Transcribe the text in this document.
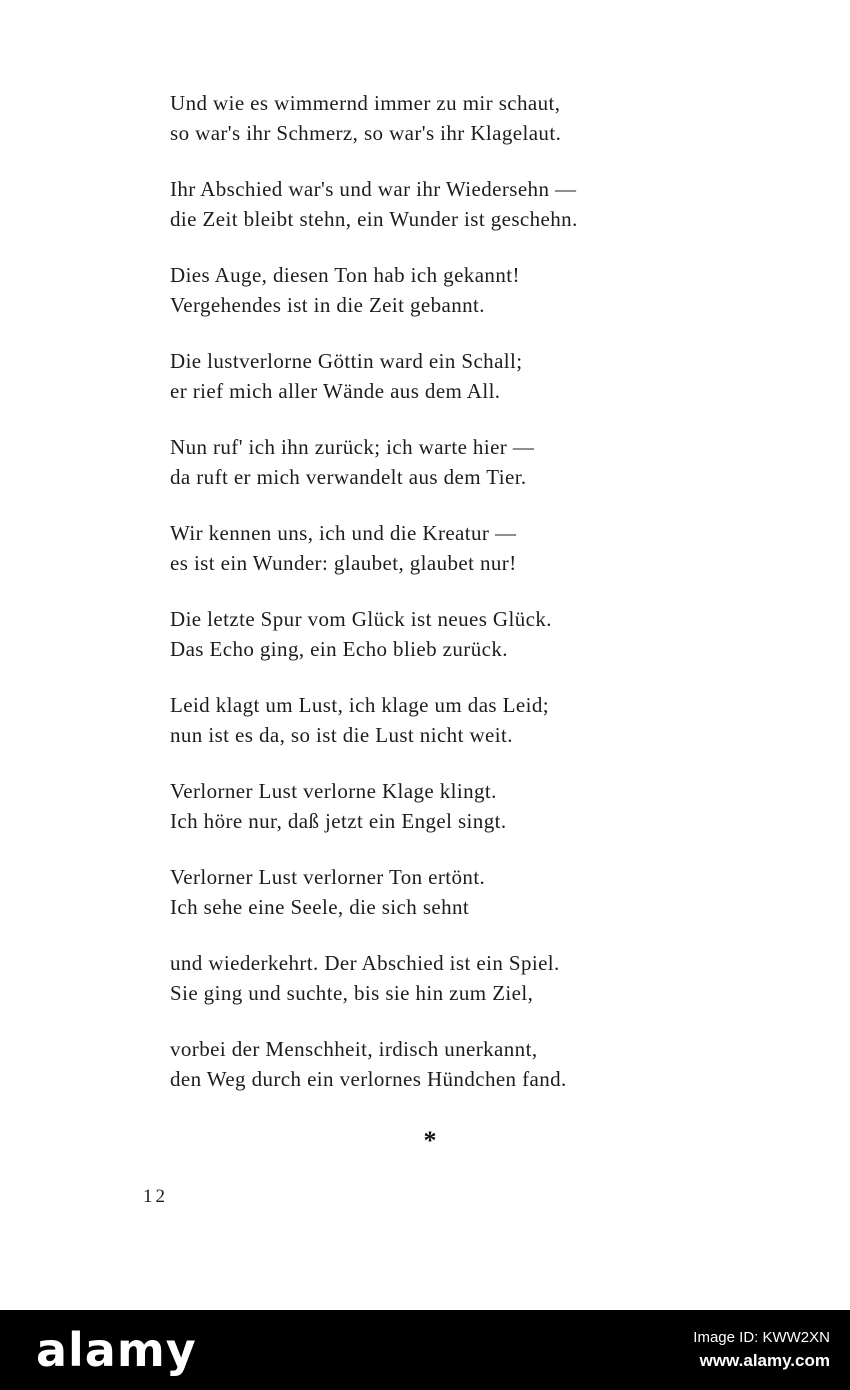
Und wie es wimmernd immer zu mir schaut,
so war's ihr Schmerz, so war's ihr Klagelaut.
Ihr Abschied war's und war ihr Wiedersehn —
die Zeit bleibt stehn, ein Wunder ist geschehn.
Dies Auge, diesen Ton hab ich gekannt!
Vergehendes ist in die Zeit gebannt.
Die lustverlorne Göttin ward ein Schall;
er rief mich aller Wände aus dem All.
Nun ruf' ich ihn zurück; ich warte hier —
da ruft er mich verwandelt aus dem Tier.
Wir kennen uns, ich und die Kreatur —
es ist ein Wunder: glaubet, glaubet nur!
Die letzte Spur vom Glück ist neues Glück.
Das Echo ging, ein Echo blieb zurück.
Leid klagt um Lust, ich klage um das Leid;
nun ist es da, so ist die Lust nicht weit.
Verlorner Lust verlorne Klage klingt.
Ich höre nur, daß jetzt ein Engel singt.
Verlorner Lust verlorner Ton ertönt.
Ich sehe eine Seele, die sich sehnt
und wiederkehrt. Der Abschied ist ein Spiel.
Sie ging und suchte, bis sie hin zum Ziel,
vorbei der Menschheit, irdisch unerkannt,
den Weg durch ein verlornes Hündchen fand.
*
12
alamy	Image ID: KWW2XN
www.alamy.com
